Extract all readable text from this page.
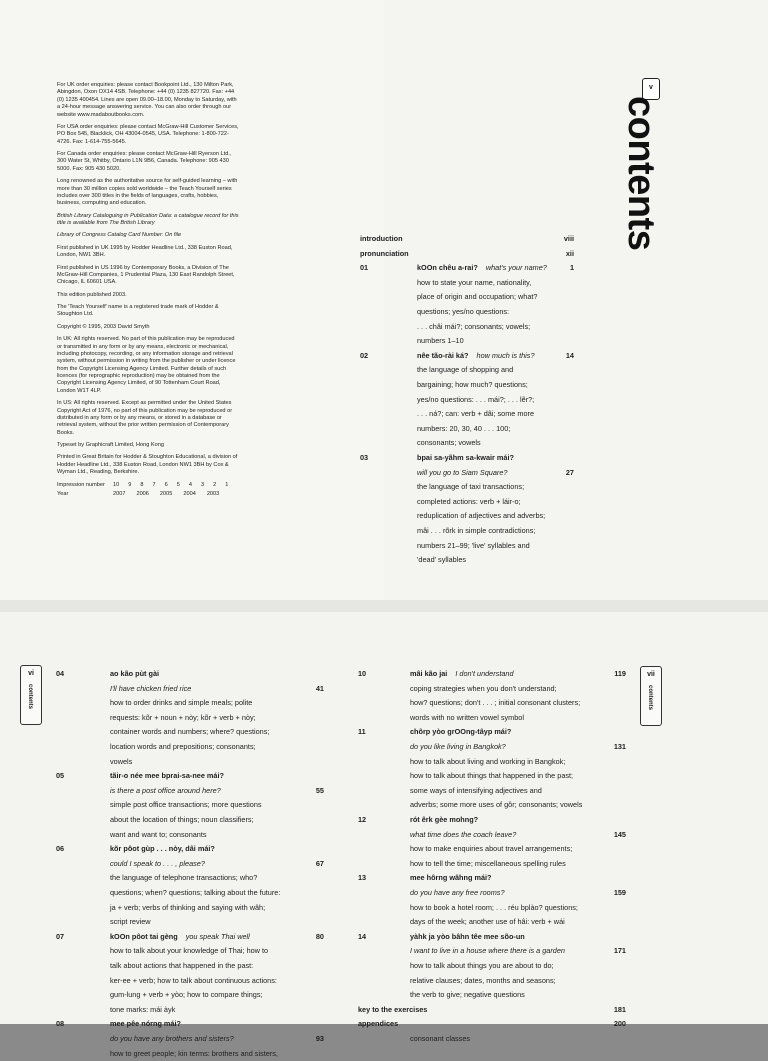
For UK order enquiries: please contact Bookpoint Ltd., 130 Milton Park, Abingdon, Oxon OX14 4SB. Telephone: +44 (0) 1235 827720. Fax: +44 (0) 1235 400454. Lines are open 09.00–18.00, Monday to Saturday, with a 24-hour message answering service. You can also order through our website www.madaboutbooks.com.

For USA order enquiries: please contact McGraw-Hill Customer Services, PO Box 545, Blacklick, OH 43004-0545, USA. Telephone: 1-800-722-4726. Fax: 1-614-755-5645.

For Canada order enquiries: please contact McGraw-Hill Ryerson Ltd., 300 Water St, Whitby, Ontario L1N 9B6, Canada. Telephone: 905 430 5000. Fax: 905 430 5020.

Long renowned as the authoritative source for self-guided learning – with more than 30 million copies sold worldwide – the Teach Yourself series includes over 300 titles in the fields of languages, crafts, hobbies, business, computing and education.

British Library Cataloguing in Publication Data: a catalogue record for this title is available from The British Library

Library of Congress Catalog Card Number: On file

First published in UK 1995 by Hodder Headline Ltd., 338 Euston Road, London, NW1 3BH.

First published in US 1996 by Contemporary Books, a Division of The McGraw-Hill Companies, 1 Prudential Plaza, 130 East Randolph Street, Chicago, IL 60601 USA.

This edition published 2003.

The 'Teach Yourself' name is a registered trade mark of Hodder & Stoughton Ltd.

Copyright © 1995, 2003 David Smyth

In UK: All rights reserved. No part of this publication may be reproduced or transmitted in any form or by any means, electronic or mechanical, including photocopy, recording, or any information storage and retrieval system, without permission in writing from the publisher or under licence from the Copyright Licensing Agency Limited. Further details of such licences (for reprographic reproduction) may be obtained from the Copyright Licensing Agency Limited, of 90 Tottenham Court Road, London W1T 4LP.

In US: All rights reserved. Except as permitted under the United States Copyright Act of 1976, no part of this publication may be reproduced or distributed in any form or by any means, or stored in a database or retrieval system, without the prior written permission of Contemporary Books.

Typeset by Graphicraft Limited, Hong Kong

Printed in Great Britain for Hodder & Stoughton Educational, a division of Hodder Headline Ltd., 338 Euston Road, London NW1 3BH by Cox & Wyman Ltd., Reading, Berkshire.

Impression number	10 9 8 7 6 5 4 3 2 1
Year	2007 2006 2005 2004 2003
v
contents
introduction	viii
pronunciation	xii
01	kOOn chêu a-rai? what's your name?	1
how to state your name, nationality,
place of origin and occupation; what?
questions; yes/no questions:
. . . châi mái?; consonants; vowels;
numbers 1–10
02	nêe tão-rài ká? how much is this?	14
the language of shopping and
bargaining; how much? questions;
yes/no questions: . . . mái?; . . . lẽr?;
. . . ná?; can: verb + dâi; some more
numbers: 20, 30, 40 . . . 100;
consonants; vowels
03	bpai sa-yãhm sa-kwair mái?
will you go to Siam Square?	27
the language of taxi transactions;
completed actions: verb + láir-o;
reduplication of adjectives and adverbs;
mâi . . . rõrk in simple contradictions;
numbers 21–99; 'live' syllables and
'dead' syllables
vi
contents
04	ao kão pùt gài
I'll have chicken fried rice	41
how to order drinks and simple meals; polite
requests: kõr + noun + nòy; kõr + verb + nòy;
container words and numbers; where? questions;
location words and prepositions; consonants;
vowels
05	tãir-o née mee bprai-sa-nee mái?
is there a post office around here?	55
simple post office transactions; more questions
about the location of things; noun classifiers;
want and want to; consonants
06	kõr pôot gùp . . . nòy, dâi mái?
could I speak to . . . , please?	67
the language of telephone transactions; who?
questions; when? questions; talking about the future:
ja + verb; verbs of thinking and saying with wâh;
script review
07	kOOn pôot tai gèng you speak Thai well	80
how to talk about your knowledge of Thai; how to
talk about actions that happened in the past:
ker-ee + verb; how to talk about continuous actions:
gum-lung + verb + yòo; how to compare things;
tone marks: mái àyk
08	mee pêe nórng mái?
do you have any brothers and sisters?	93
how to greet people; kin terms: brothers and sisters,
vii
contents
10	mâi kão jai I don't understand	119
coping strategies when you don't understand;
how? questions; don't . . . ; initial consonant clusters;
words with no written vowel symbol
11	chôrp yòo grOOng-tâyp mái?
do you like living in Bangkok?	131
how to talk about living and working in Bangkok;
how to talk about things that happened in the past;
some ways of intensifying adjectives and
adverbs; some more uses of gôr; consonants; vowels
12	rót êrk gèe mohng?
what time does the coach leave?	145
how to make enquiries about travel arrangements;
how to tell the time; miscellaneous spelling rules
13	mee hôrng wâhng mái?
do you have any free rooms?	159
how to book a hotel room; . . . réu bplào? questions;
days of the week; another use of hâi: verb + wái
14	yàhk ja yòo bâhn têe mee sõo-un
I want to live in a house where there is a garden	171
how to talk about things you are about to do;
relative clauses; dates, months and seasons;
the verb to give; negative questions
key to the exercises	181
appendices	200
consonant classes
